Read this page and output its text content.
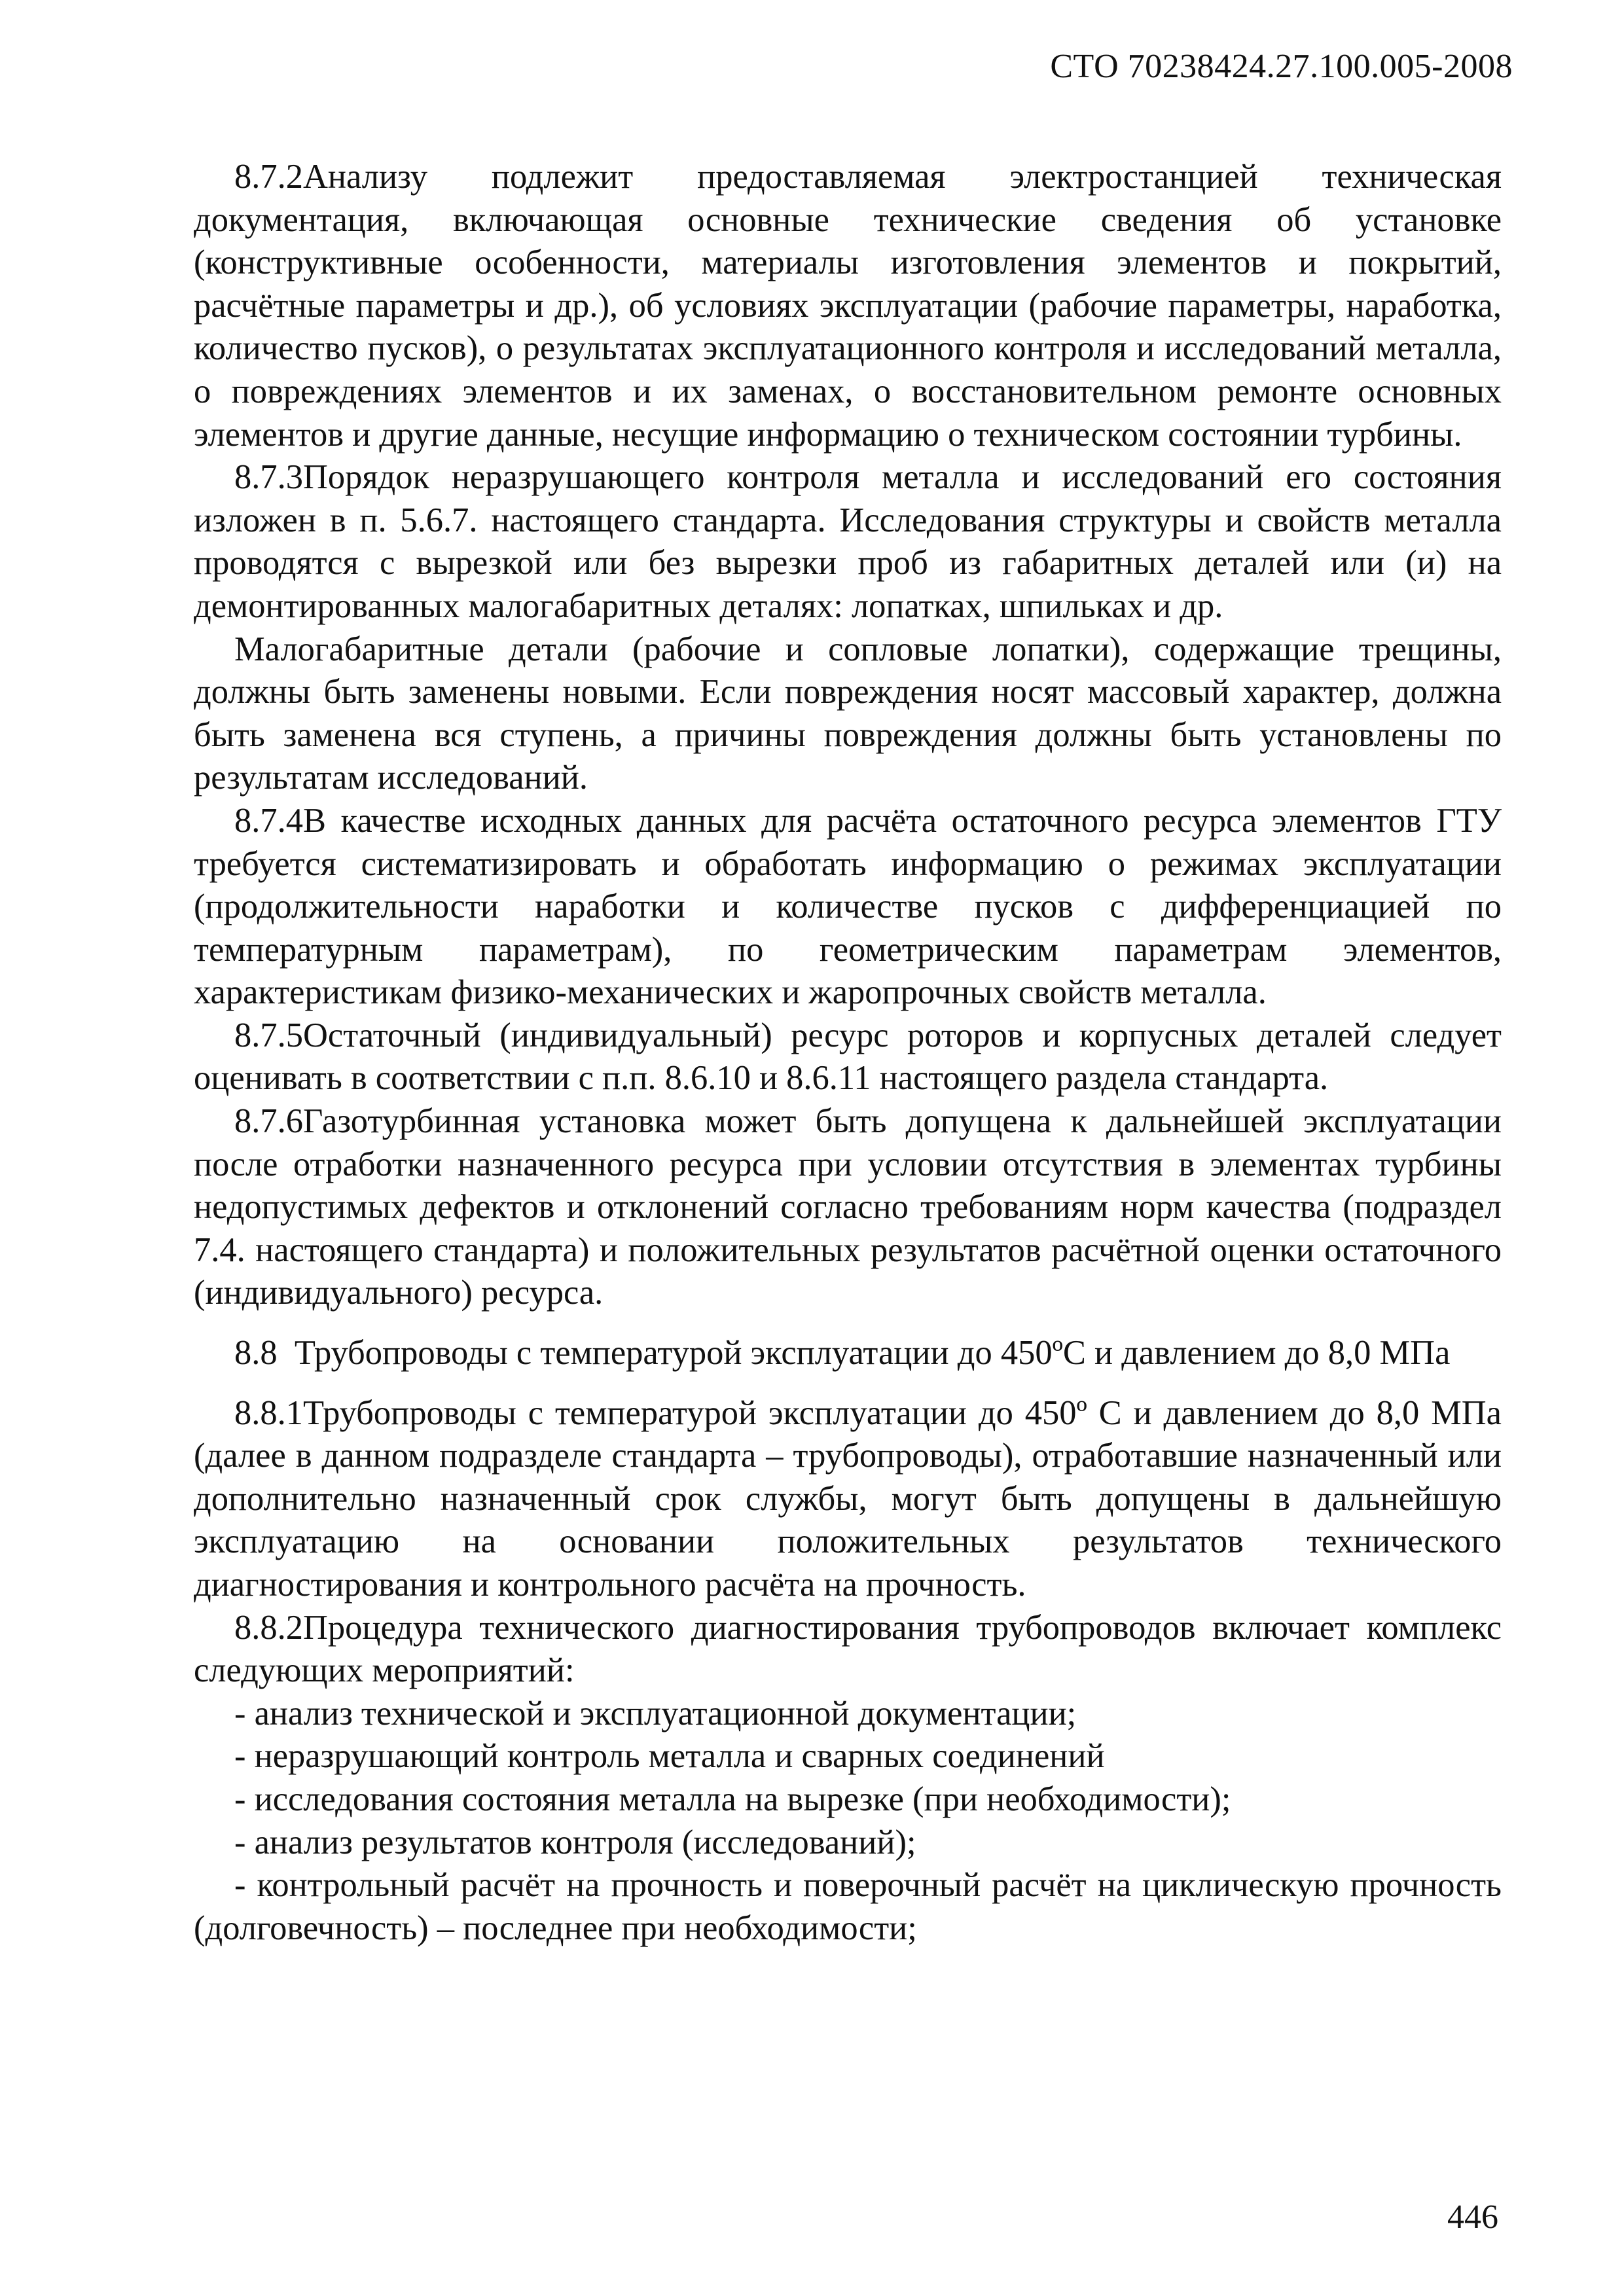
СТО 70238424.27.100.005-2008

8.7.2Анализу подлежит предоставляемая электростанцией техническая документация, включающая основные технические сведения об установке (конструктивные особенности, материалы изготовления элементов и покрытий, расчётные параметры и др.), об условиях эксплуатации (рабочие параметры, наработка, количество пусков), о результатах эксплуатационного контроля и исследований металла, о повреждениях элементов и их заменах, о восстановительном ремонте основных элементов и другие данные, несущие информацию о техническом состоянии турбины.

8.7.3Порядок неразрушающего контроля металла и исследований его состояния изложен в п. 5.6.7. настоящего стандарта. Исследования структуры и свойств металла проводятся с вырезкой или без вырезки проб из габаритных деталей или (и) на демонтированных малогабаритных деталях: лопатках, шпильках и др.

Малогабаритные детали (рабочие и сопловые лопатки), содержащие трещины, должны быть заменены новыми. Если повреждения носят массовый характер, должна быть заменена вся ступень, а причины повреждения должны быть установлены по результатам исследований.

8.7.4В качестве исходных данных для расчёта остаточного ресурса элементов ГТУ требуется систематизировать и обработать информацию о режимах эксплуатации (продолжительности наработки и количестве пусков с дифференциацией по температурным параметрам), по геометрическим параметрам элементов, характеристикам физико-механических и жаропрочных свойств металла.

8.7.5Остаточный (индивидуальный) ресурс роторов и корпусных деталей следует оценивать в соответствии с п.п. 8.6.10 и 8.6.11 настоящего раздела стандарта.

8.7.6Газотурбинная установка может быть допущена к дальнейшей эксплуатации после отработки назначенного ресурса при условии отсутствия в элементах турбины недопустимых дефектов и отклонений согласно требованиям норм качества (подраздел 7.4. настоящего стандарта) и положительных результатов расчётной оценки остаточного (индивидуального) ресурса.

8.8 Трубопроводы с температурой эксплуатации до 450ºС и давлением до 8,0 МПа

8.8.1Трубопроводы с температурой эксплуатации до 450º С и давлением до 8,0 МПа (далее в данном подразделе стандарта – трубопроводы), отработавшие назначенный или дополнительно назначенный срок службы, могут быть допущены в дальнейшую эксплуатацию на основании положительных результатов технического диагностирования и контрольного расчёта на прочность.

8.8.2Процедура технического диагностирования трубопроводов включает комплекс следующих мероприятий:

- анализ технической и эксплуатационной документации;

- неразрушающий контроль металла и сварных соединений

- исследования состояния металла на вырезке (при необходимости);

- анализ результатов контроля (исследований);

- контрольный расчёт на прочность и поверочный расчёт на циклическую прочность (долговечность) – последнее при необходимости;

446
